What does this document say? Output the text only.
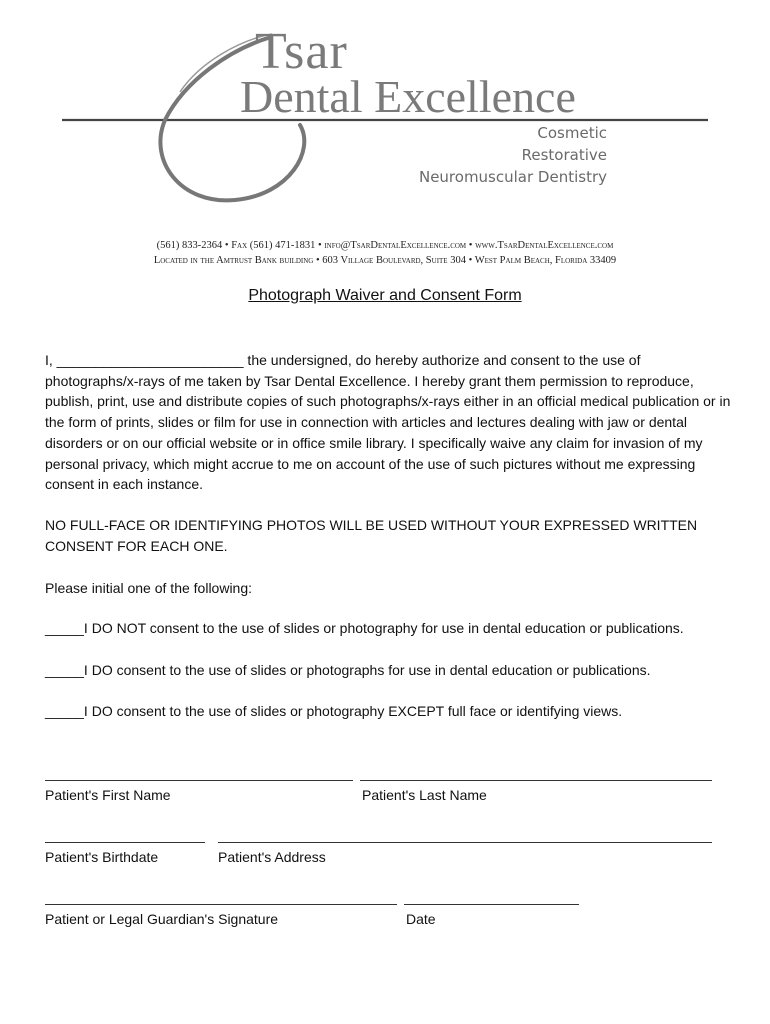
Tsar
Dental Excellence
Cosmetic
Restorative
Neuromuscular Dentistry
(561) 833-2364 • Fax (561) 471-1831 • info@TsarDentalExcellence.com • www.TsarDentalExcellence.com
Located in the Amtrust Bank building • 603 Village Boulevard, Suite 304 • West Palm Beach, Florida 33409
Photograph Waiver and Consent Form
I, ________________________ the undersigned, do hereby authorize and consent to the use of photographs/x-rays of me taken by Tsar Dental Excellence. I hereby grant them permission to reproduce, publish, print, use and distribute copies of such photographs/x-rays either in an official medical publication or in the form of prints, slides or film for use in connection with articles and lectures dealing with jaw or dental disorders or on our official website or in office smile library. I specifically waive any claim for invasion of my personal privacy, which might accrue to me on account of the use of such pictures without me expressing consent in each instance.
NO FULL-FACE OR IDENTIFYING PHOTOS WILL BE USED WITHOUT YOUR EXPRESSED WRITTEN CONSENT FOR EACH ONE.
Please initial one of the following:
_____I DO NOT consent to the use of slides or photography for use in dental education or publications.
_____I DO consent to the use of slides or photographs for use in dental education or publications.
_____I DO consent to the use of slides or photography EXCEPT full face or identifying views.
Patient's First Name	Patient's Last Name
Patient's Birthdate	Patient's Address
Patient or Legal Guardian's Signature	Date
